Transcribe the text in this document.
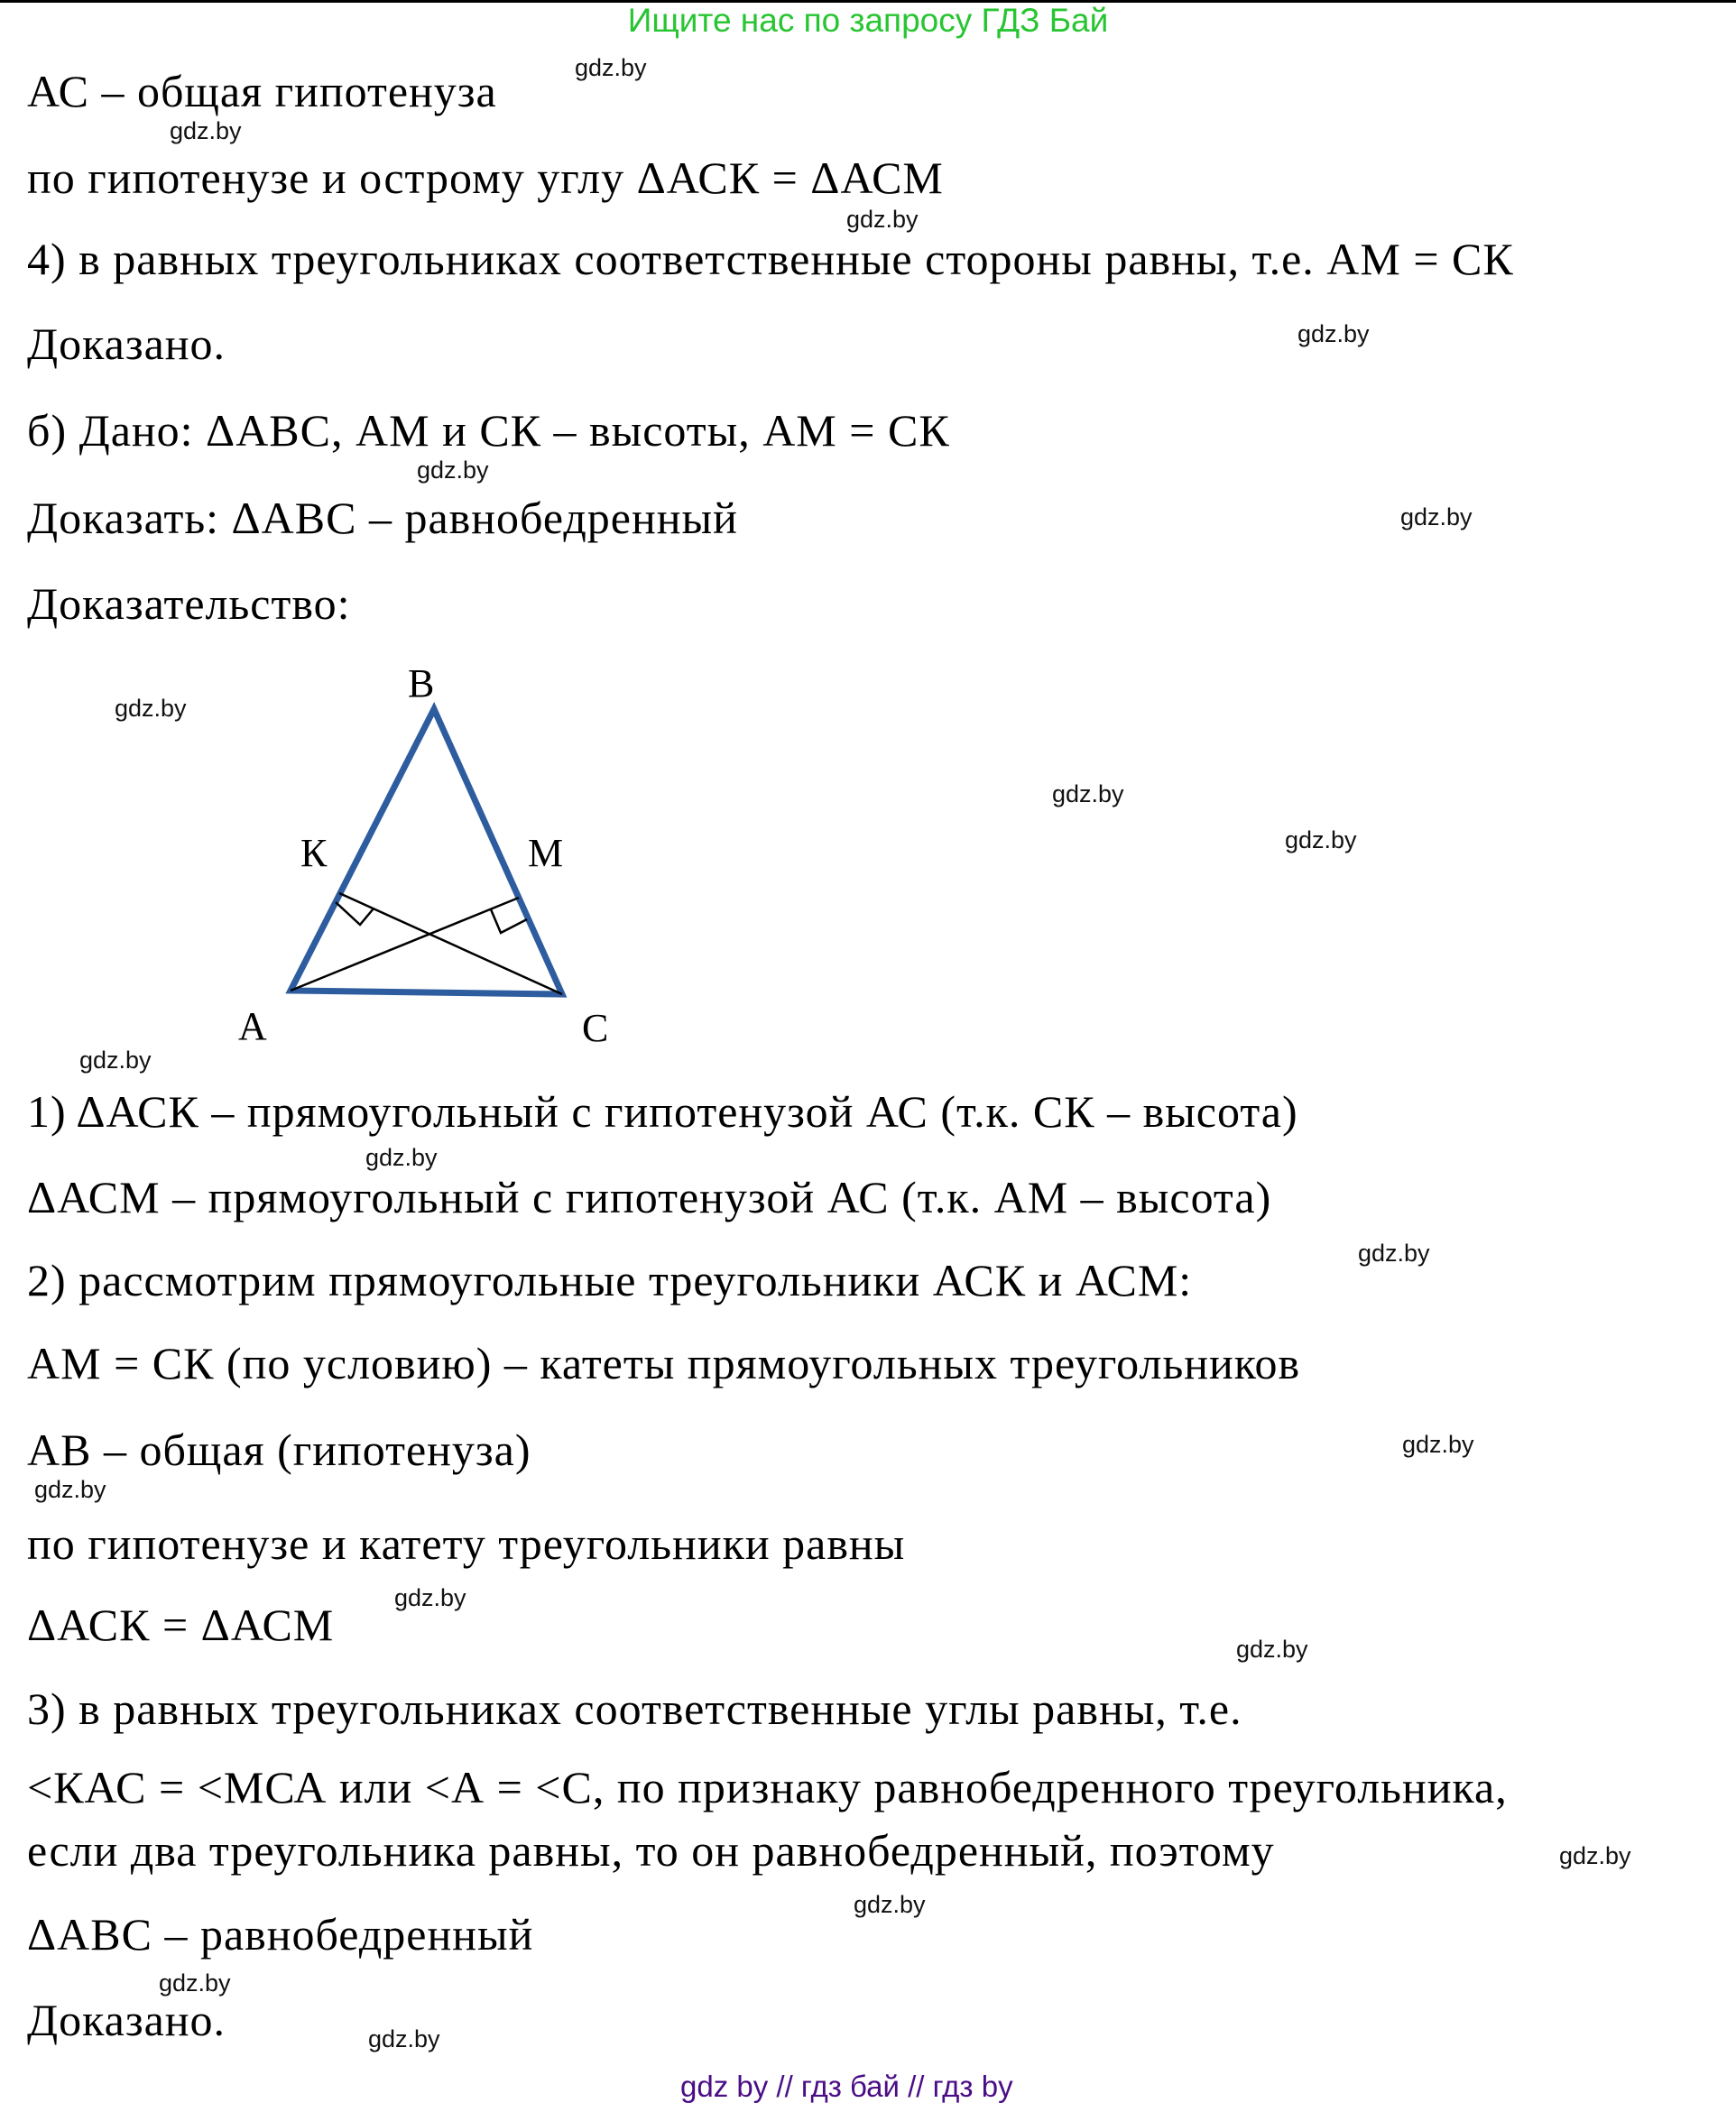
Ищите нас по запросу ГДЗ Бай
АС – общая гипотенуза
по гипотенузе и острому углу ΔАСК = ΔАСМ
4) в равных треугольниках соответственные стороны равны, т.е. АМ = СК
Доказано.
б) Дано: ΔАВС, АМ и СК – высоты, АМ = СК
Доказать: ΔАВС – равнобедренный
Доказательство:
1) ΔАСК – прямоугольный с гипотенузой АС (т.к. СК – высота)
ΔАСМ – прямоугольный с гипотенузой АС (т.к. АМ – высота)
2) рассмотрим прямоугольные треугольники АСК и АСМ:
АМ = СК (по условию) – катеты прямоугольных треугольников
АВ – общая (гипотенуза)
по гипотенузе и катету треугольники равны
ΔАСК = ΔАСМ
3) в равных треугольниках соответственные углы равны, т.е.
<КАС = <МСА или <А = <С, по признаку равнобедренного треугольника,
если два треугольника равны, то он равнобедренный, поэтому
ΔАВС – равнобедренный
Доказано.
gdz.by
gdz.by
gdz.by
gdz.by
gdz.by
gdz.by
gdz.by
gdz.by
gdz.by
gdz.by
gdz.by
gdz.by
gdz.by
gdz.by
gdz.by
gdz.by
gdz.by
gdz.by
gdz.by
gdz.by
В
К	М
А	С
gdz by // гдз бай // гдз by
